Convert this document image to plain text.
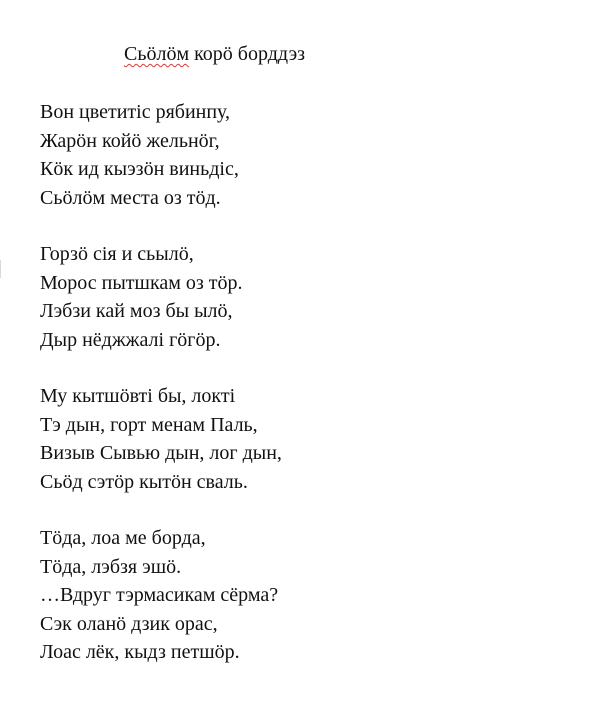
Сьӧлӧм корӧ борддэз
Вон цветитіс рябинпу,
Жарӧн койӧ жельнӧг,
Кӧк ид кыэзӧн виньдіс,
Сьӧлӧм места оз тӧд.
Горзӧ сія и сьылӧ,
Морос пытшкам оз тӧр.
Лэбзи кай моз бы ылӧ,
Дыр нёджжалі гӧгӧр.
Му кытшӧвті бы, локті
Тэ дын, горт менам Паль,
Визыв Сывью дын, лог дын,
Сьӧд сэтӧр кытӧн сваль.
Тӧда, лоа ме борда,
Тӧда, лэбзя эшӧ.
…Вдруг тэрмасикам сёрма?
Сэк оланӧ дзик орас,
Лоас лёк, кыдз петшӧр.
